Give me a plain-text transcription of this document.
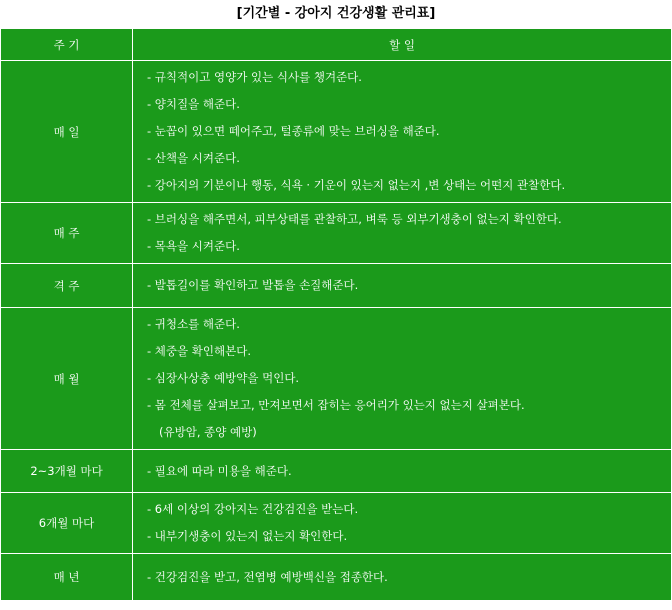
[기간별 - 강아지 건강생활 관리표]
주 기	할 일
매 일	- 규칙적이고 영양가 있는 식사를 챙겨준다.
- 양치질을 해준다.
- 눈꼽이 있으면 떼어주고, 털종류에 맞는 브러싱을 해준다.
- 산책을 시켜준다.
- 강아지의 기분이나 행동, 식욕 · 기운이 있는지 없는지 ,변 상태는 어떤지 관찰한다.

매 주	- 브러싱을 해주면서, 피부상태를 관찰하고, 벼룩 등 외부기생충이 없는지 확인한다.
- 목욕을 시켜준다.

격 주	- 발톱길이를 확인하고 발톱을 손질해준다.

매 월	- 귀청소를 해준다.
- 체중을 확인해본다.
- 심장사상충 예방약을 먹인다.
- 몸 전체를 살펴보고, 만져보면서 잡히는 응어리가 있는지 없는지 살펴본다.
(유방암, 종양 예방)

2~3개월 마다	- 필요에 따라 미용을 해준다.

6개월 마다	- 6세 이상의 강아지는 건강검진을 받는다.
- 내부기생충이 있는지 없는지 확인한다.

매 년	- 건강검진을 받고, 전염병 예방백신을 접종한다.
